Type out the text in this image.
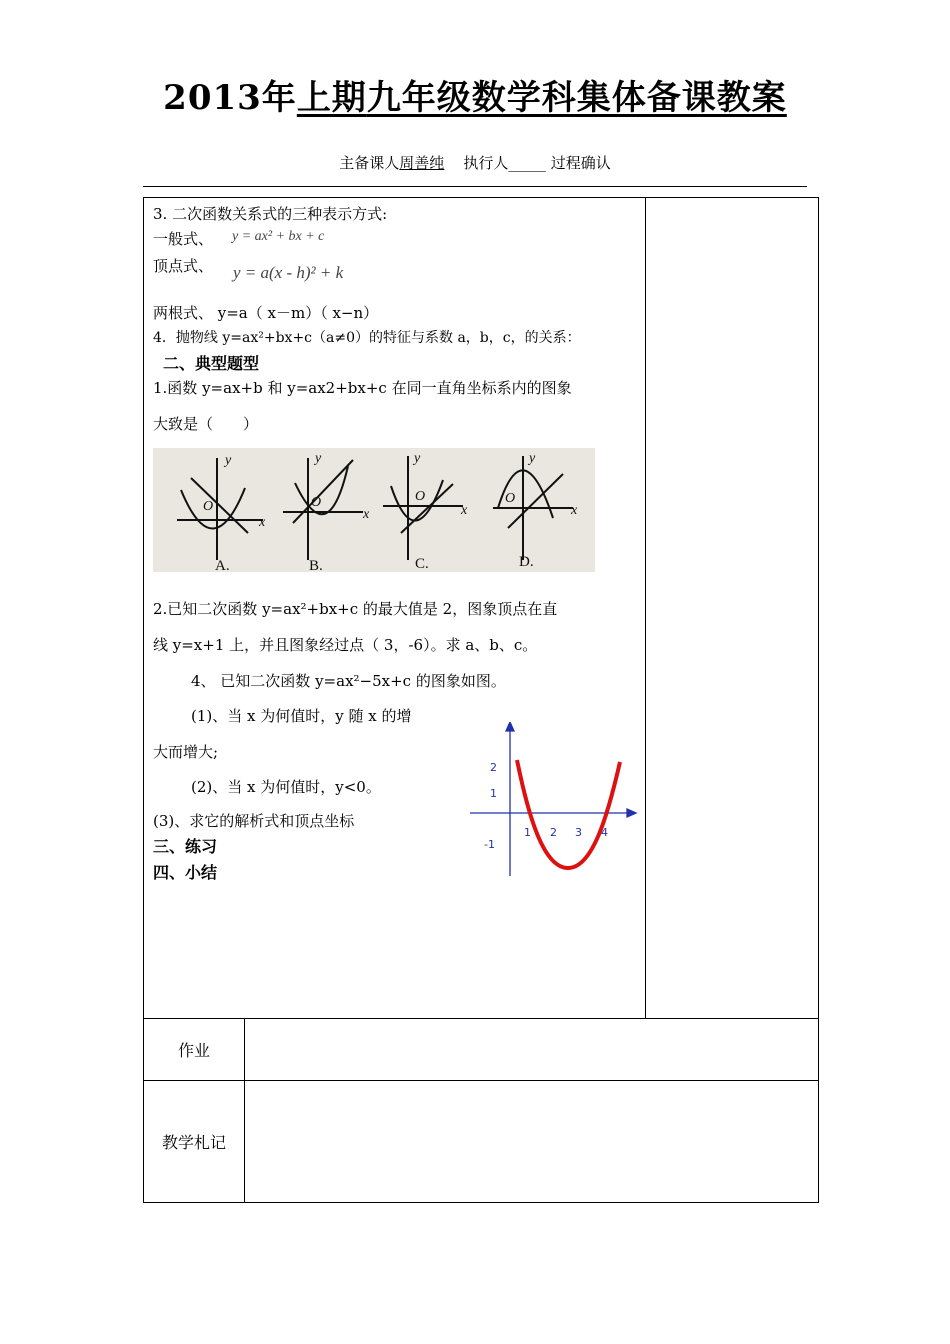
2013年上期九年级数学科集体备课教案
主备课人周善纯 执行人_____ 过程确认
作业
教学札记
3. 二次函数关系式的三种表示方式:
一般式、 y = ax² + bx + c
顶点式、 y = a(x - h)² + k
两根式、 y=a（ x－m）（ x−n）
4．抛物线 y=ax²+bx+c（a≠0）的特征与系数 a，b，c，的关系：
二、典型题型
1.函数 y=ax+b 和 y=ax2+bx+c 在同一直角坐标系内的图象
大致是（　　）
y
x
O
y
x
O
y
x
O
y
x
O
A.	B.	C.	D.
2.已知二次函数 y=ax²+bx+c 的最大值是 2，图象顶点在直
线 y=x+1 上，并且图象经过点（ 3，-6）。求 a、b、c。
4、 已知二次函数 y=ax²−5x+c 的图象如图。
(1)、当 x 为何值时，y 随 x 的增
大而增大;
(2)、当 x 为何值时，y<0。
(3)、求它的解析式和顶点坐标
三、练习
四、小结
1 2 3 4
2
1
-1
